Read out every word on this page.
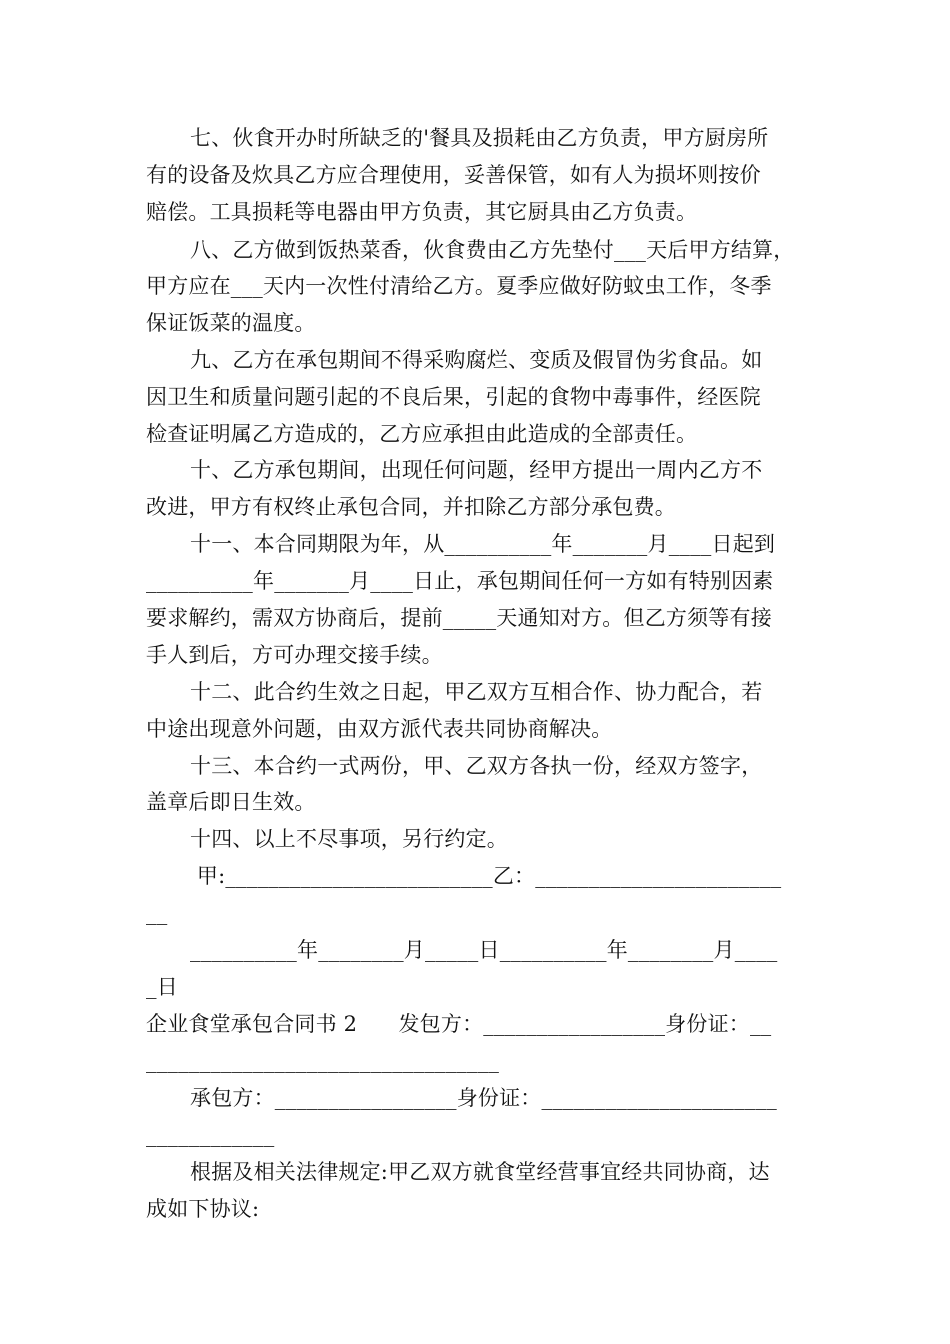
七、伙食开办时所缺乏的'餐具及损耗由乙方负责，甲方厨房所
有的设备及炊具乙方应合理使用，妥善保管，如有人为损坏则按价
赔偿。工具损耗等电器由甲方负责，其它厨具由乙方负责。
八、乙方做到饭热菜香，伙食费由乙方先垫付___天后甲方结算，
甲方应在___天内一次性付清给乙方。夏季应做好防蚊虫工作，冬季
保证饭菜的温度。
九、乙方在承包期间不得采购腐烂、变质及假冒伪劣食品。如
因卫生和质量问题引起的不良后果，引起的食物中毒事件，经医院
检查证明属乙方造成的，乙方应承担由此造成的全部责任。
十、乙方承包期间，出现任何问题，经甲方提出一周内乙方不
改进，甲方有权终止承包合同，并扣除乙方部分承包费。
十一、本合同期限为年，从__________年_______月____日起到
__________年_______月____日止，承包期间任何一方如有特别因素
要求解约，需双方协商后，提前_____天通知对方。但乙方须等有接
手人到后，方可办理交接手续。
十二、此合约生效之日起，甲乙双方互相合作、协力配合，若
中途出现意外问题，由双方派代表共同协商解决。
十三、本合约一式两份，甲、乙双方各执一份，经双方签字，
盖章后即日生效。
十四、以上不尽事项，另行约定。
甲:_________________________乙：_______________________
__
__________年________月_____日__________年________月____
_日
企业食堂承包合同书 2      发包方：_________________身份证：__
_________________________________
承包方：_________________身份证：______________________
____________
根据及相关法律规定:甲乙双方就食堂经营事宜经共同协商，达
成如下协议:
